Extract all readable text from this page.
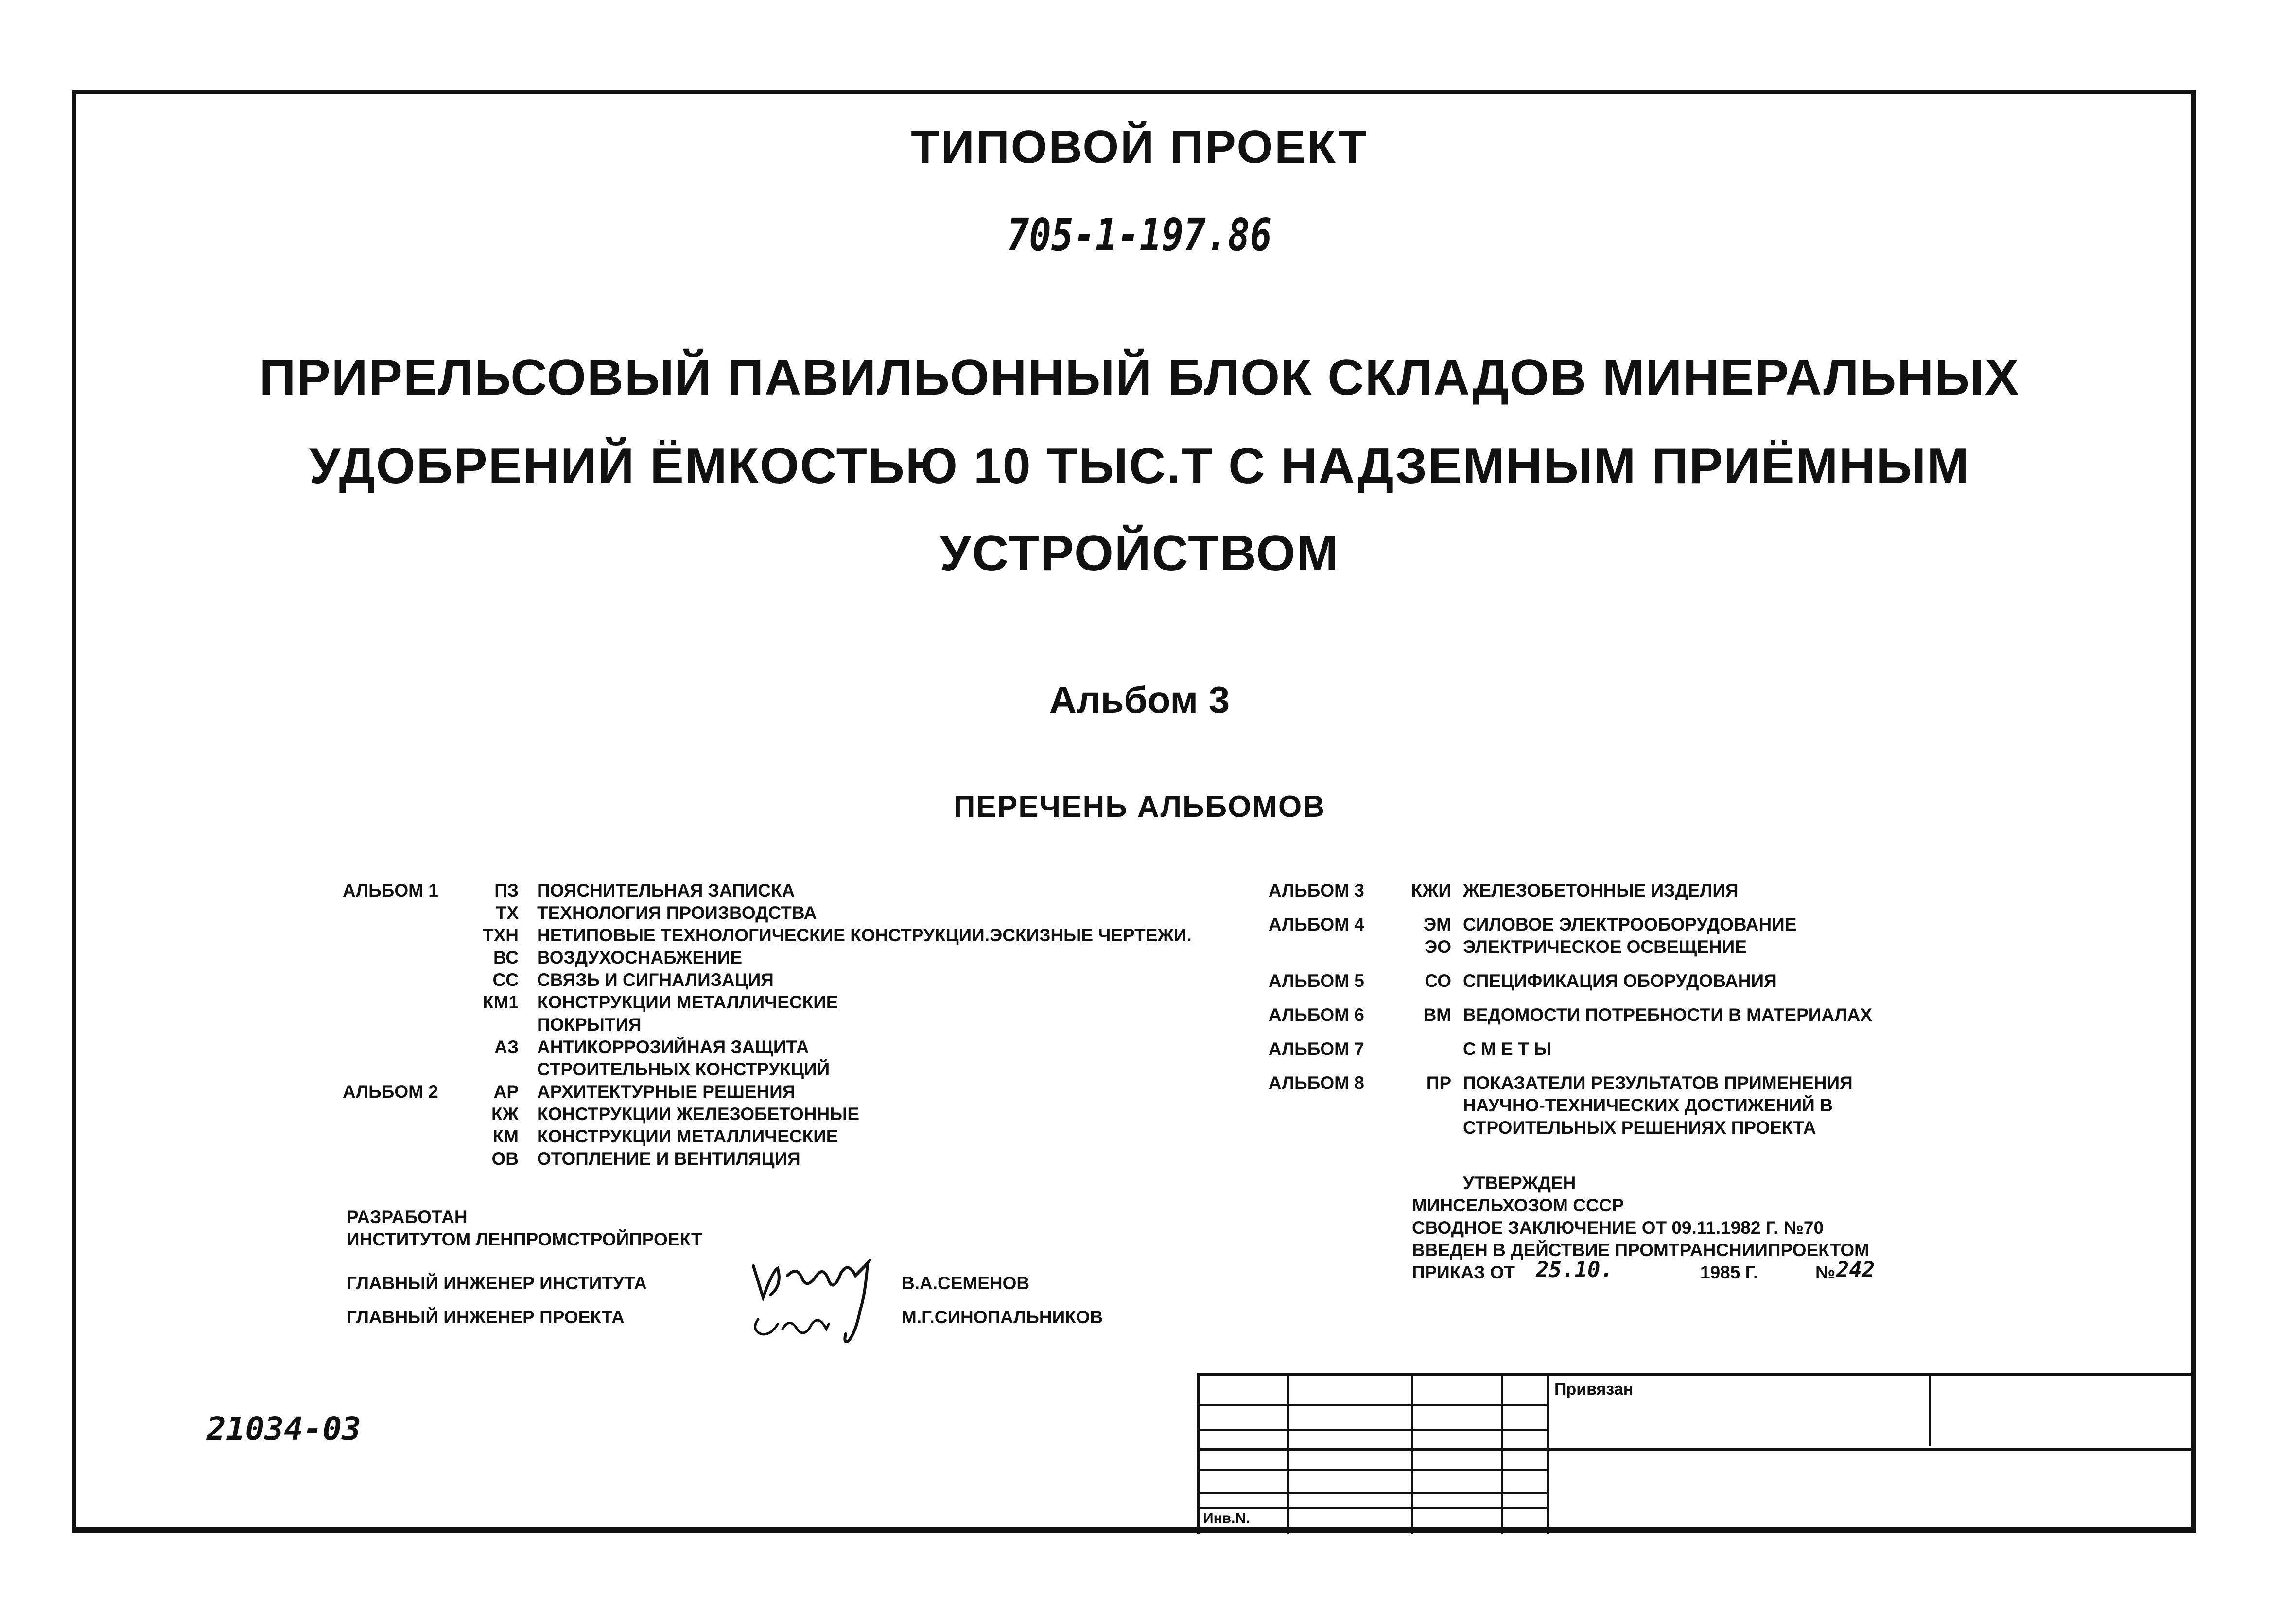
ТИПОВОЙ ПРОЕКТ
705-1-197.86
ПРИРЕЛЬСОВЫЙ ПАВИЛЬОННЫЙ БЛОК СКЛАДОВ МИНЕРАЛЬНЫХ
УДОБРЕНИЙ ЁМКОСТЬЮ 10 ТЫС.Т С НАДЗЕМНЫМ ПРИЁМНЫМ
УСТРОЙСТВОМ
Альбом 3
ПЕРЕЧЕНЬ АЛЬБОМОВ
АЛЬБОМ 1	ПЗ ПОЯСНИТЕЛЬНАЯ ЗАПИСКА
ТХ ТЕХНОЛОГИЯ ПРОИЗВОДСТВА
ТХН НЕТИПОВЫЕ ТЕХНОЛОГИЧЕСКИЕ КОНСТРУКЦИИ.ЭСКИЗНЫЕ ЧЕРТЕЖИ.
ВС ВОЗДУХОСНАБЖЕНИЕ
СС СВЯЗЬ И СИГНАЛИЗАЦИЯ
КМ1 КОНСТРУКЦИИ МЕТАЛЛИЧЕСКИЕ
ПОКРЫТИЯ
АЗ АНТИКОРРОЗИЙНАЯ ЗАЩИТА
СТРОИТЕЛЬНЫХ КОНСТРУКЦИЙ
АЛЬБОМ 2	АР АРХИТЕКТУРНЫЕ РЕШЕНИЯ
КЖ КОНСТРУКЦИИ ЖЕЛЕЗОБЕТОННЫЕ
КМ КОНСТРУКЦИИ МЕТАЛЛИЧЕСКИЕ
ОВ ОТОПЛЕНИЕ И ВЕНТИЛЯЦИЯ
АЛЬБОМ 3	КЖИ ЖЕЛЕЗОБЕТОННЫЕ ИЗДЕЛИЯ
АЛЬБОМ 4	ЭМ СИЛОВОЕ ЭЛЕКТРООБОРУДОВАНИЕ
ЭО ЭЛЕКТРИЧЕСКОЕ ОСВЕЩЕНИЕ
АЛЬБОМ 5	СО СПЕЦИФИКАЦИЯ ОБОРУДОВАНИЯ
АЛЬБОМ 6	ВМ ВЕДОМОСТИ ПОТРЕБНОСТИ В МАТЕРИАЛАХ
АЛЬБОМ 7	С М Е Т Ы
АЛЬБОМ 8	ПР ПОКАЗАТЕЛИ РЕЗУЛЬТАТОВ ПРИМЕНЕНИЯ
НАУЧНО-ТЕХНИЧЕСКИХ ДОСТИЖЕНИЙ В
СТРОИТЕЛЬНЫХ РЕШЕНИЯХ ПРОЕКТА
РАЗРАБОТАН
ИНСТИТУТОМ ЛЕНПРОМСТРОЙПРОЕКТ
ГЛАВНЫЙ ИНЖЕНЕР ИНСТИТУТА
ГЛАВНЫЙ ИНЖЕНЕР ПРОЕКТА
В.А.СЕМЕНОВ
М.Г.СИНОПАЛЬНИКОВ
УТВЕРЖДЕН
МИНСЕЛЬХОЗОМ СССР
СВОДНОЕ ЗАКЛЮЧЕНИЕ ОТ 09.11.1982 Г. №70
ВВЕДЕН В ДЕЙСТВИЕ ПРОМТРАНСНИИПРОЕКТОМ
ПРИКАЗ ОТ 25.10.	1985 Г.	№ 242
21034-03
Привязан
Инв.N.
